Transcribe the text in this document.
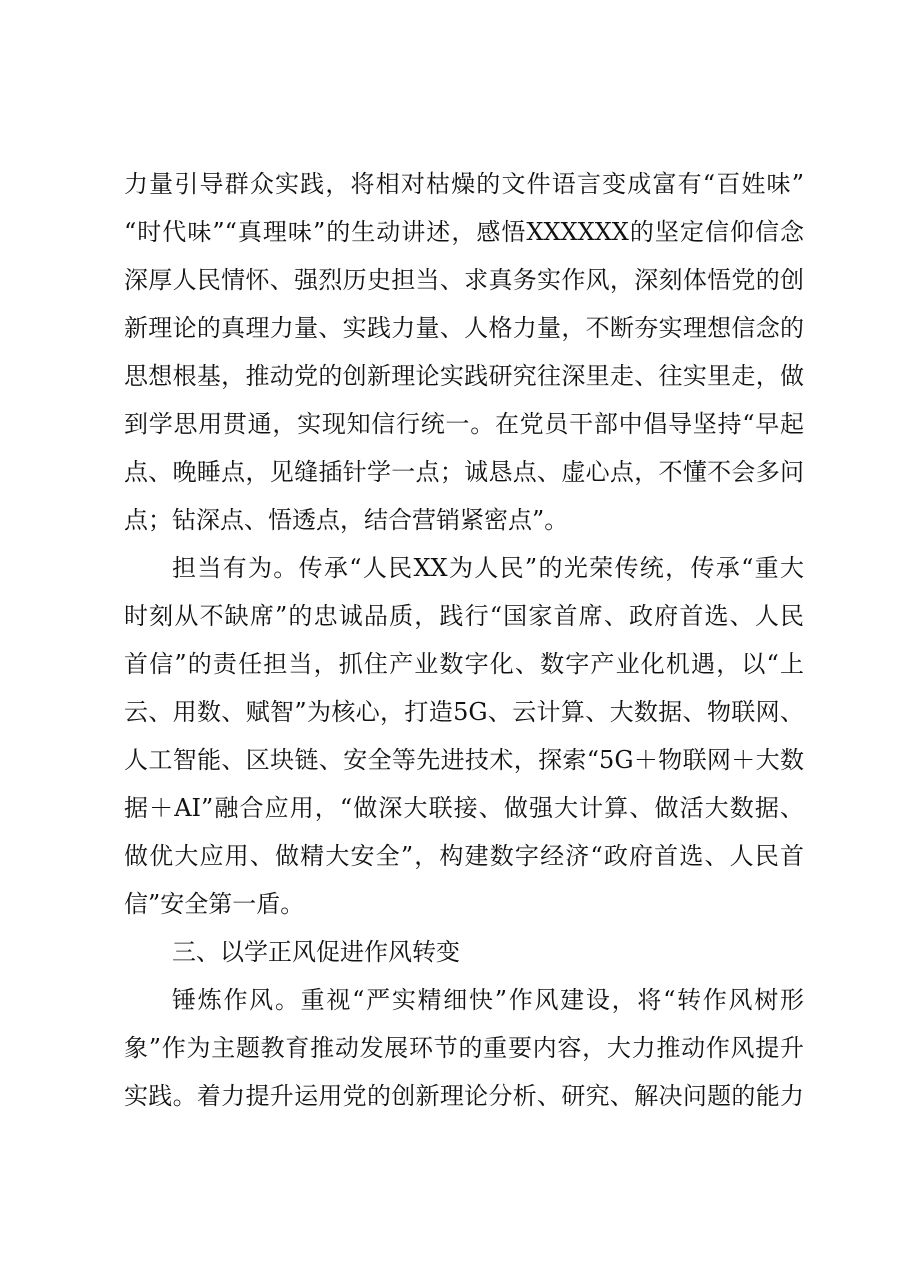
力量引导群众实践，将相对枯燥的文件语言变成富有“百姓味”
“时代味”“真理味”的生动讲述，感悟XXXXXX的坚定信仰信念
深厚人民情怀、强烈历史担当、求真务实作风，深刻体悟党的创
新理论的真理力量、实践力量、人格力量，不断夯实理想信念的
思想根基，推动党的创新理论实践研究往深里走、往实里走，做
到学思用贯通，实现知信行统一。在党员干部中倡导坚持“早起
点、晚睡点，见缝插针学一点；诚恳点、虚心点，不懂不会多问
点；钻深点、悟透点，结合营销紧密点”。
担当有为。传承“人民XX为人民”的光荣传统，传承“重大
时刻从不缺席”的忠诚品质，践行“国家首席、政府首选、人民
首信”的责任担当，抓住产业数字化、数字产业化机遇，以“上
云、用数、赋智”为核心，打造5G、云计算、大数据、物联网、
人工智能、区块链、安全等先进技术，探索“5G＋物联网＋大数
据＋AI”融合应用，“做深大联接、做强大计算、做活大数据、
做优大应用、做精大安全”，构建数字经济“政府首选、人民首
信”安全第一盾。
三、以学正风促进作风转变
锤炼作风。重视“严实精细快”作风建设，将“转作风树形
象”作为主题教育推动发展环节的重要内容，大力推动作风提升
实践。着力提升运用党的创新理论分析、研究、解决问题的能力
